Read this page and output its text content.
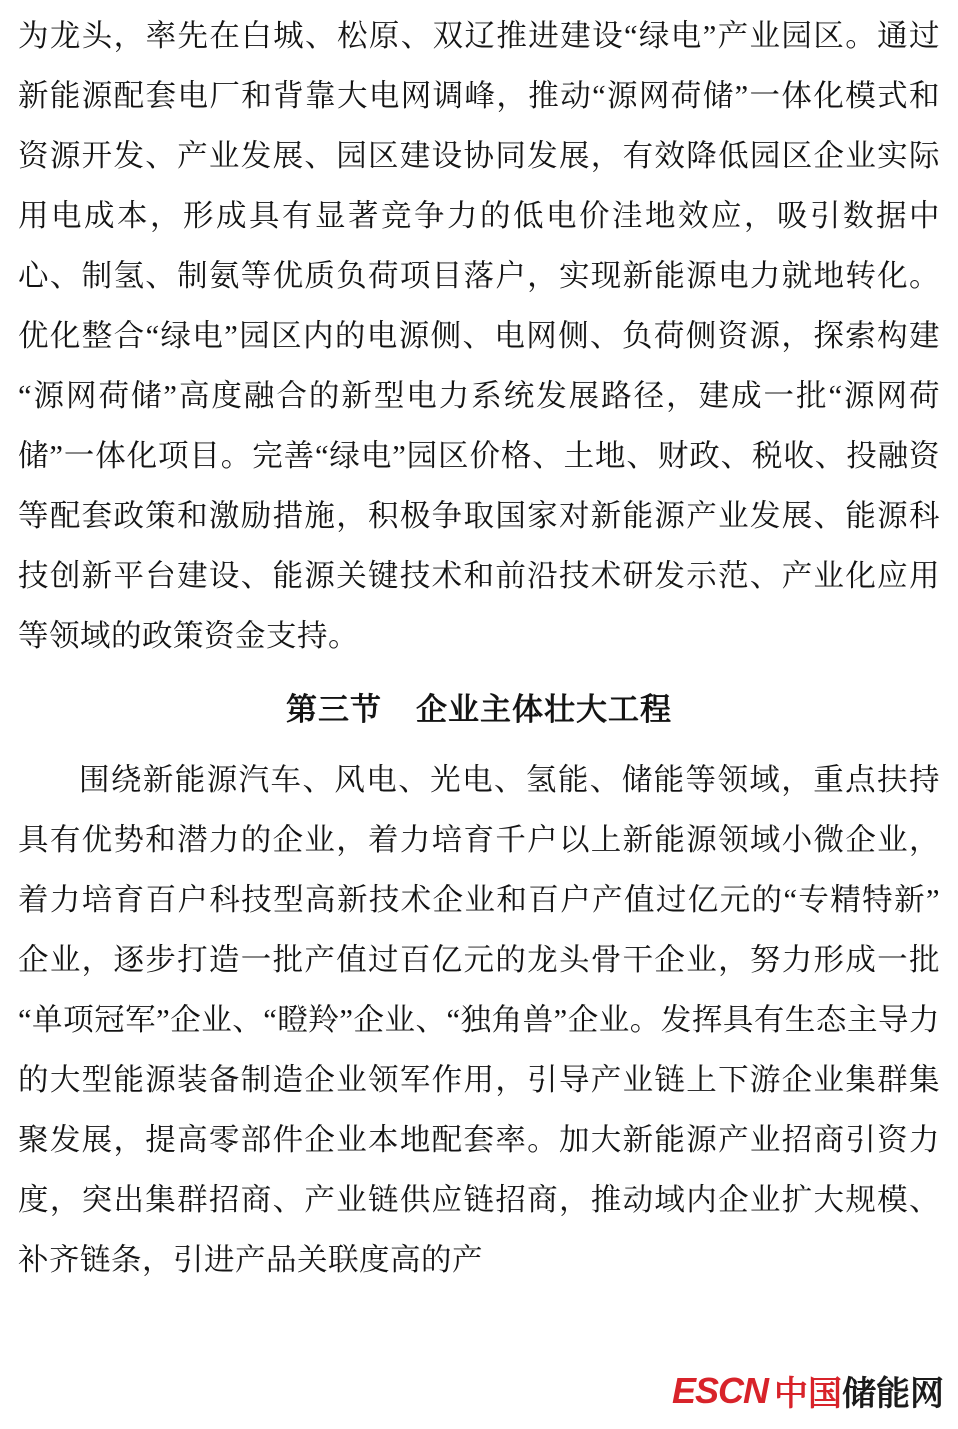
为龙头，率先在白城、松原、双辽推进建设“绿电”产业园区。通过新能源配套电厂和背靠大电网调峰，推动“源网荷储”一体化模式和资源开发、产业发展、园区建设协同发展，有效降低园区企业实际用电成本，形成具有显著竞争力的低电价洼地效应，吸引数据中心、制氢、制氨等优质负荷项目落户，实现新能源电力就地转化。优化整合“绿电”园区内的电源侧、电网侧、负荷侧资源，探索构建“源网荷储”高度融合的新型电力系统发展路径，建成一批“源网荷储”一体化项目。完善“绿电”园区价格、土地、财政、税收、投融资等配套政策和激励措施，积极争取国家对新能源产业发展、能源科技创新平台建设、能源关键技术和前沿技术研发示范、产业化应用等领域的政策资金支持。

第三节 企业主体壮大工程

围绕新能源汽车、风电、光电、氢能、储能等领域，重点扶持具有优势和潜力的企业，着力培育千户以上新能源领域小微企业，着力培育百户科技型高新技术企业和百户产值过亿元的“专精特新”企业，逐步打造一批产值过百亿元的龙头骨干企业，努力形成一批“单项冠军”企业、“瞪羚”企业、“独角兽”企业。发挥具有生态主导力的大型能源装备制造企业领军作用，引导产业链上下游企业集群集聚发展，提高零部件企业本地配套率。加大新能源产业招商引资力度，突出集群招商、产业链供应链招商，推动域内企业扩大规模、补齐链条，引进产品关联度高的产

ESCN 中国储能网
